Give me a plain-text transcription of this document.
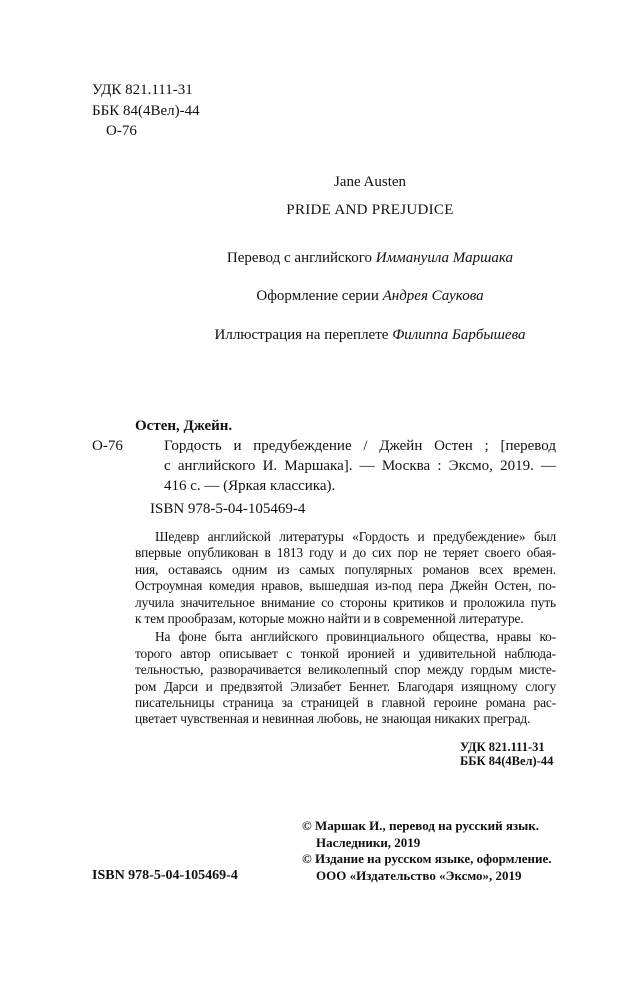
УДК 821.111-31
ББК 84(4Вел)-44
О-76
Jane Austen
PRIDE AND PREJUDICE
Перевод с английского Иммануила Маршака
Оформление серии Андрея Саукова
Иллюстрация на переплете Филиппа Барбышева
Остен, Джейн.
О-76	Гордость и предубеждение / Джейн Остен ; [перевод
с английского И. Маршака]. — Москва : Эксмо, 2019. —
416 с. — (Яркая классика).
ISBN 978-5-04-105469-4
Шедевр английской литературы «Гордость и предубеждение» был
впервые опубликован в 1813 году и до сих пор не теряет своего обая-
ния, оставаясь одним из самых популярных романов всех времен.
Остроумная комедия нравов, вышедшая из-под пера Джейн Остен, по-
лучила значительное внимание со стороны критиков и проложила путь
к тем прообразам, которые можно найти и в современной литературе.
На фоне быта английского провинциального общества, нравы ко-
торого автор описывает с тонкой иронией и удивительной наблюда-
тельностью, разворачивается великолепный спор между гордым мисте-
ром Дарси и предвзятой Элизабет Беннет. Благодаря изящному слогу
писательницы страница за страницей в главной героине романа рас-
цветает чувственная и невинная любовь, не знающая никаких преград.
УДК 821.111-31
ББК 84(4Вел)-44
© Маршак И., перевод на русский язык.
Наследники, 2019
© Издание на русском языке, оформление.
ООО «Издательство «Эксмо», 2019
ISBN 978-5-04-105469-4
